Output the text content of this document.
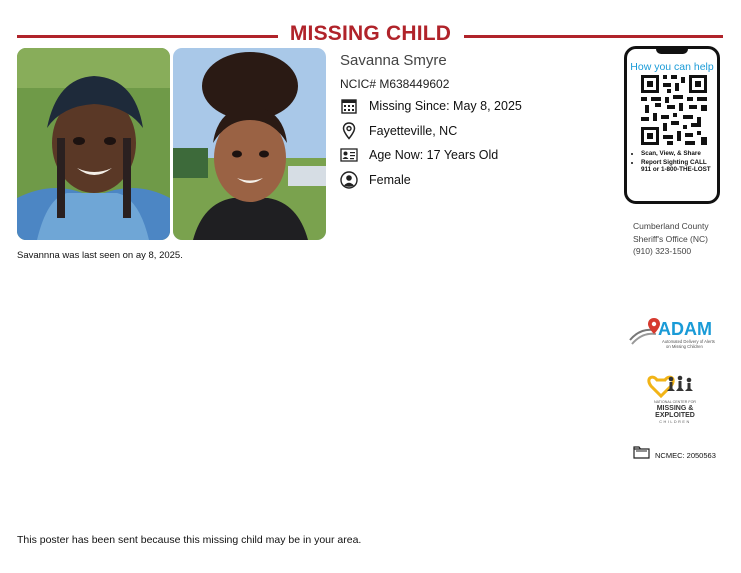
MISSING CHILD
Savanna Smyre
NCIC# M638449602
Missing Since: May 8, 2025
Fayetteville, NC
Age Now: 17 Years Old
Female
Savannna was last seen on ay 8, 2025.
How you can help
• Scan, View, & Share
• Report Sighting CALL 911 or 1-800-THE-LOST
Cumberland County
Sheriff's Office (NC)
(910) 323-1500
ADAM
Automated Delivery of Alerts
on Missing Children
NATIONAL CENTER FOR
MISSING &
EXPLOITED
CHILDREN
NCMEC: 2050563
This poster has been sent because this missing child may be in your area.
